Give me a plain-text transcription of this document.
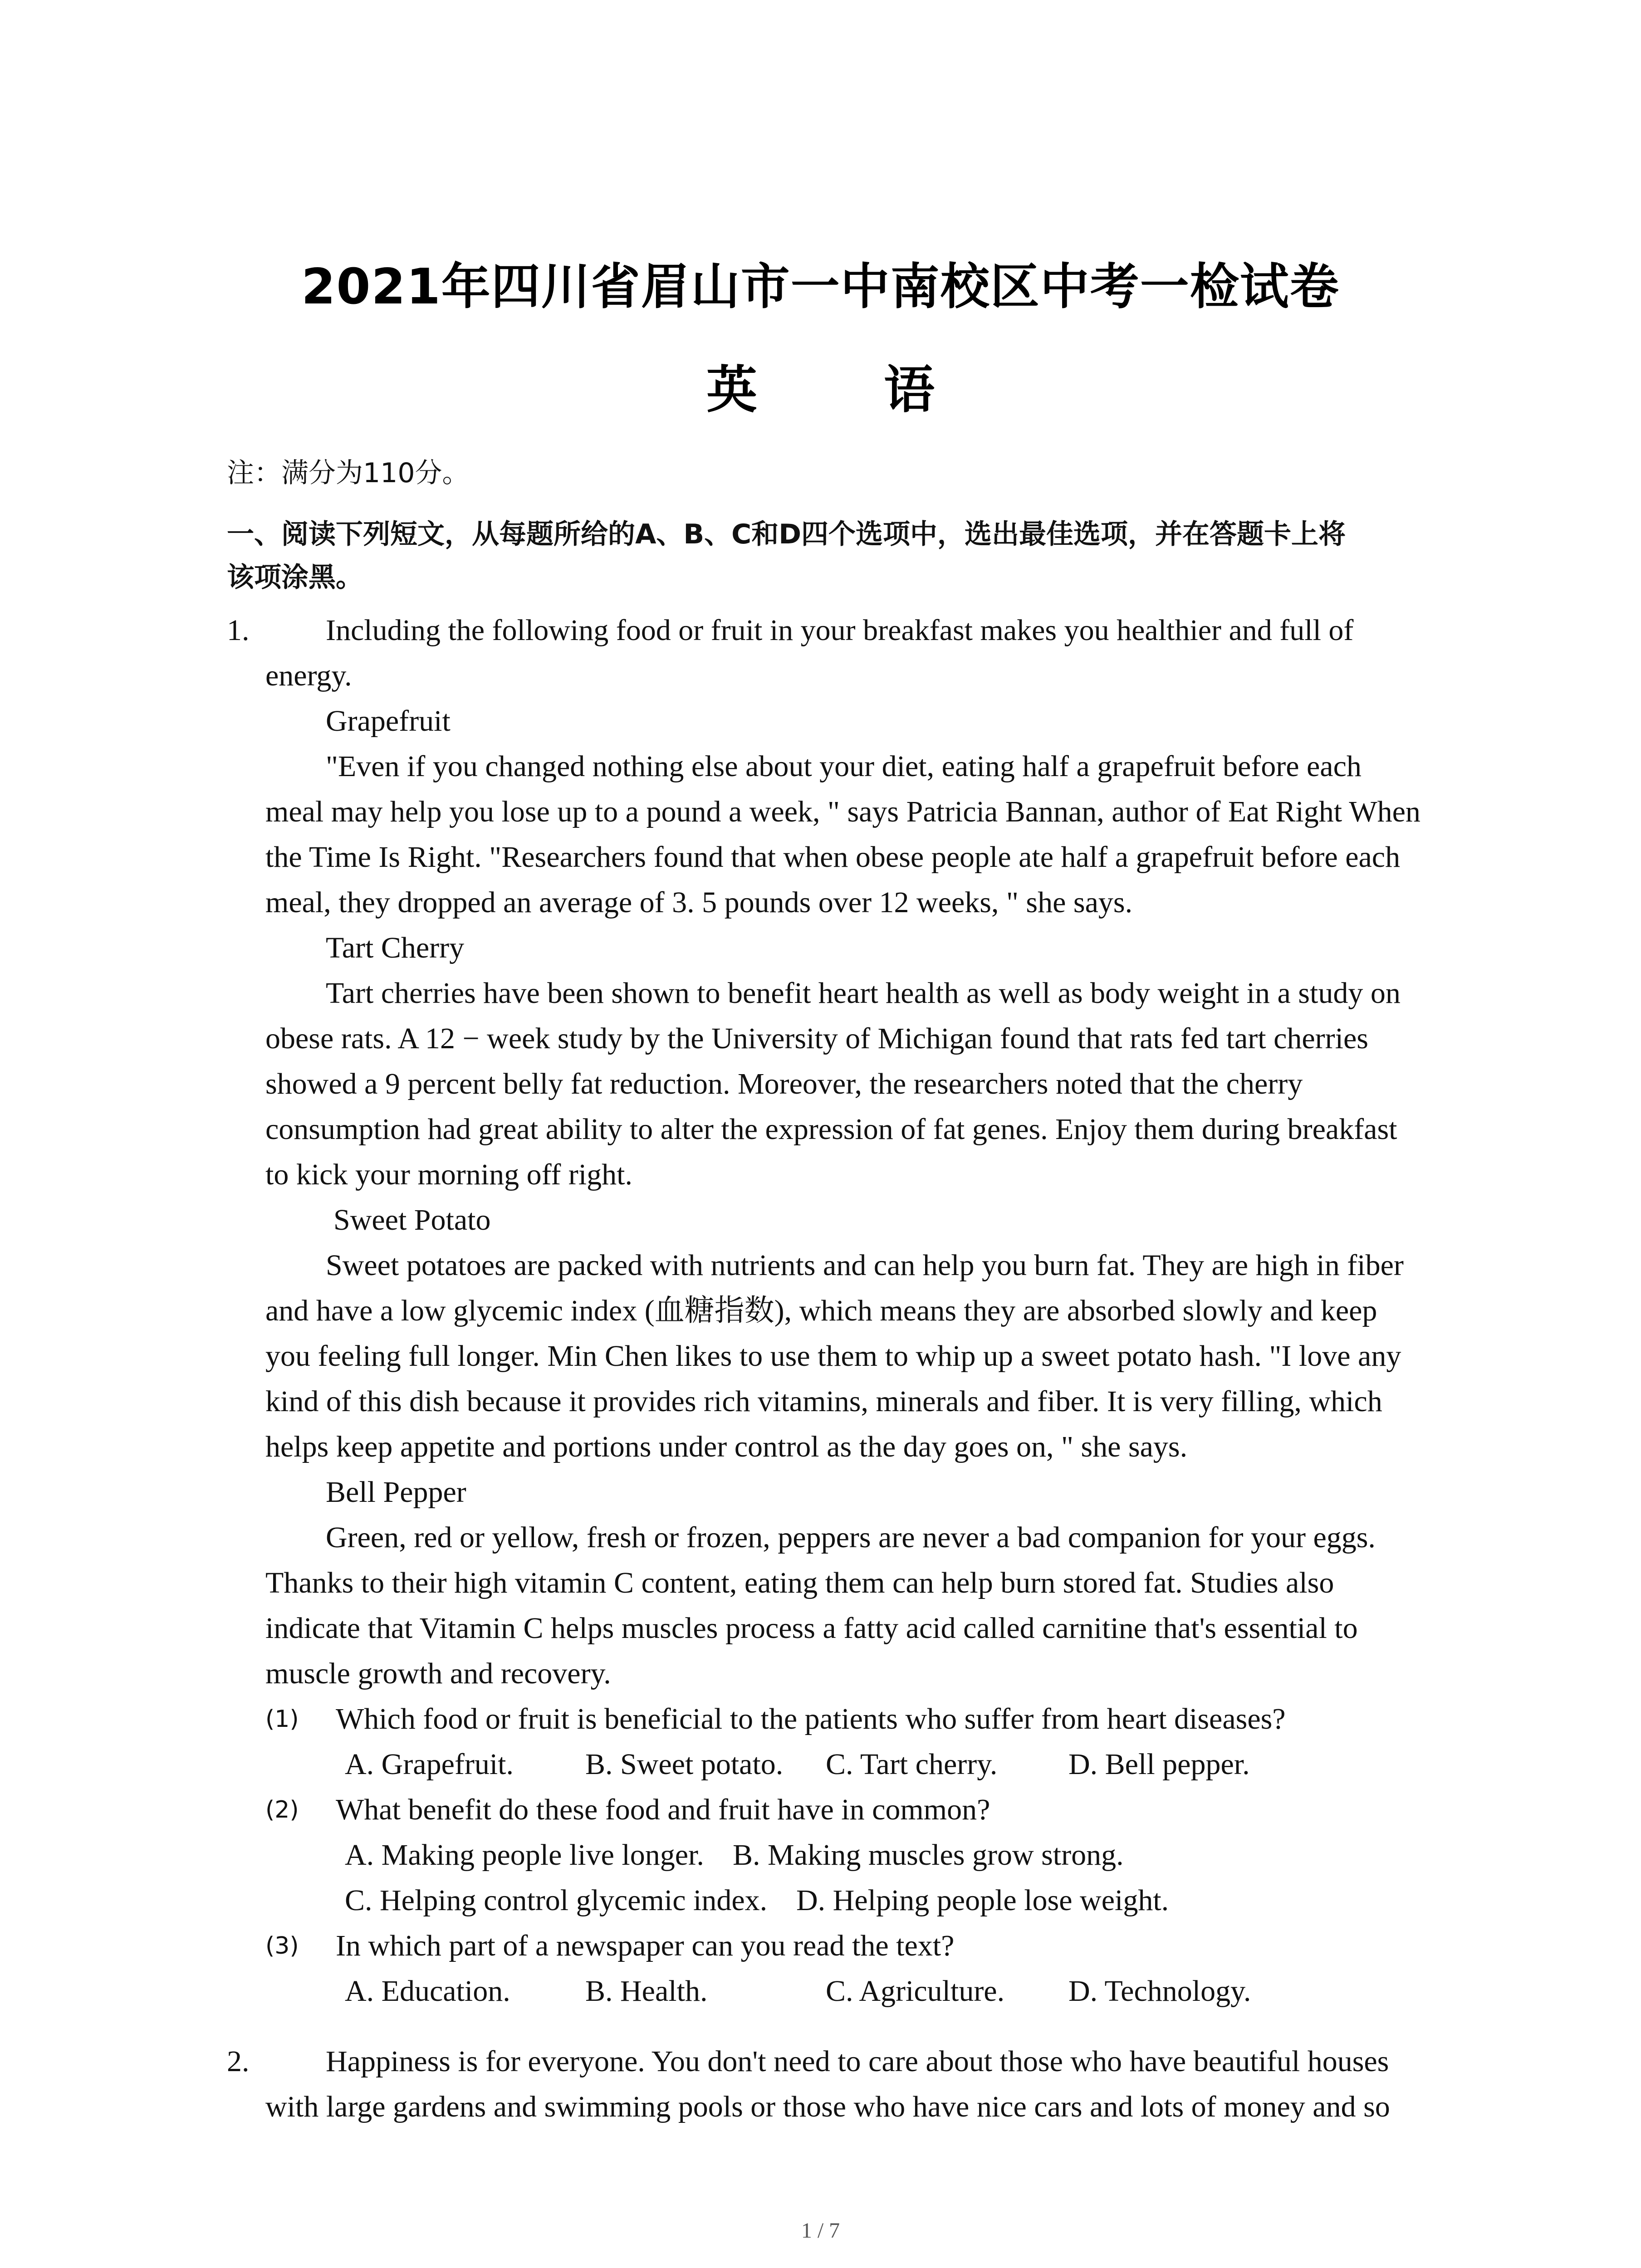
2021年四川省眉山市一中南校区中考一检试卷
英 语
注：满分为110分。
一、阅读下列短文，从每题所给的A、B、C和D四个选项中，选出最佳选项，并在答题卡上将
该项涂黑。
1.	Including the following food or fruit in your breakfast makes you healthier and full of
energy.
Grapefruit
"Even if you changed nothing else about your diet, eating half a grapefruit before each
meal may help you lose up to a pound a week, " says Patricia Bannan, author of Eat Right When
the Time Is Right. "Researchers found that when obese people ate half a grapefruit before each
meal, they dropped an average of 3. 5 pounds over 12 weeks, " she says.
Tart Cherry
Tart cherries have been shown to benefit heart health as well as body weight in a study on
obese rats. A 12 − week study by the University of Michigan found that rats fed tart cherries
showed a 9 percent belly fat reduction. Moreover, the researchers noted that the cherry
consumption had great ability to alter the expression of fat genes. Enjoy them during breakfast
to kick your morning off right.
Sweet Potato
Sweet potatoes are packed with nutrients and can help you burn fat. They are high in fiber
and have a low glycemic index (血糖指数), which means they are absorbed slowly and keep
you feeling full longer. Min Chen likes to use them to whip up a sweet potato hash. "I love any
kind of this dish because it provides rich vitamins, minerals and fiber. It is very filling, which
helps keep appetite and portions under control as the day goes on, " she says.
Bell Pepper
Green, red or yellow, fresh or frozen, peppers are never a bad companion for your eggs.
Thanks to their high vitamin C content, eating them can help burn stored fat. Studies also
indicate that Vitamin C helps muscles process a fatty acid called carnitine that's essential to
muscle growth and recovery.
(1) Which food or fruit is beneficial to the patients who suffer from heart diseases?
A. Grapefruit. B. Sweet potato. C. Tart cherry. D. Bell pepper.
(2) What benefit do these food and fruit have in common?
A. Making people live longer. B. Making muscles grow strong.
C. Helping control glycemic index. D. Helping people lose weight.
(3) In which part of a newspaper can you read the text?
A. Education.	B. Health.	C. Agriculture. D. Technology.
2.	Happiness is for everyone. You don't need to care about those who have beautiful houses
with large gardens and swimming pools or those who have nice cars and lots of money and so
1 / 7
